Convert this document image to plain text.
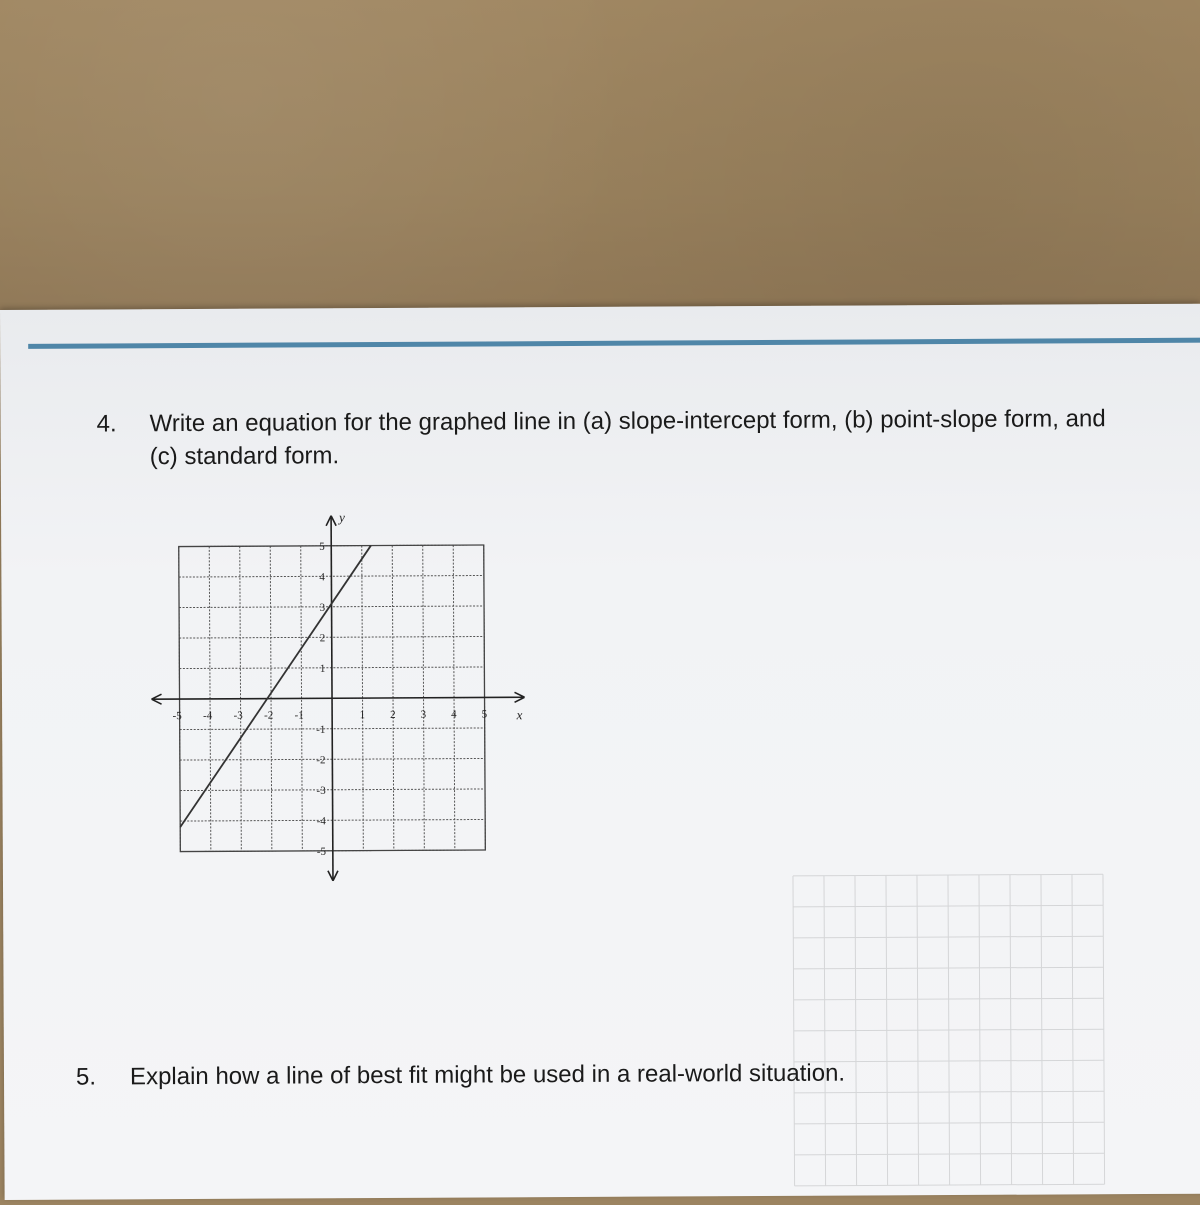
4. Write an equation for the graphed line in (a) slope-intercept form, (b) point-slope form, and (c) standard form.
x
y
-5 -4 -3 -2 -1	1 2 3 4 5
5
4
3
2
1
-1
-2
-3
-4
-5
5. Explain how a line of best fit might be used in a real-world situation.
